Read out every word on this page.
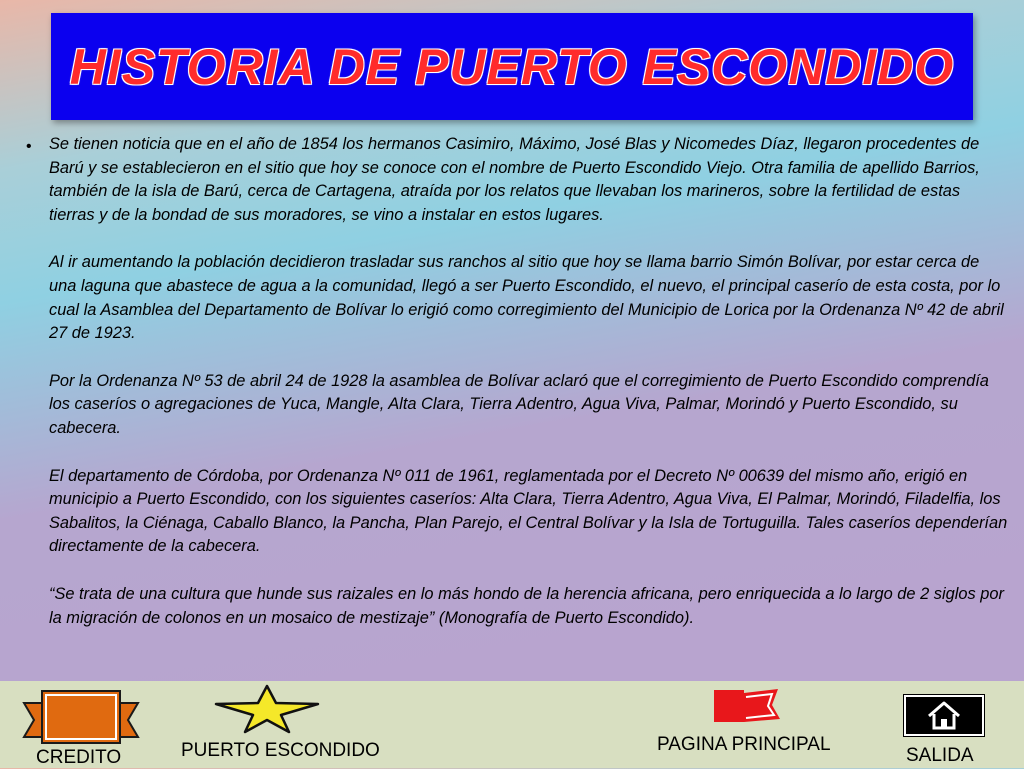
HISTORIA DE PUERTO ESCONDIDO
• Se tienen noticia que en el año de 1854 los hermanos Casimiro, Máximo, José Blas y Nicomedes Díaz, llegaron procedentes de Barú y se establecieron en el sitio que hoy se conoce con el nombre de Puerto Escondido Viejo. Otra familia de apellido Barrios, también de la isla de Barú, cerca de Cartagena, atraída por los relatos que llevaban los marineros, sobre la fertilidad de estas tierras y de la bondad de sus moradores, se vino a instalar en estos lugares.

Al ir aumentando la población decidieron trasladar sus ranchos al sitio que hoy se llama barrio Simón Bolívar, por estar cerca de una laguna que abastece de agua a la comunidad, llegó a ser Puerto Escondido, el nuevo, el principal caserío de esta costa, por lo cual la Asamblea del Departamento de Bolívar lo erigió como corregimiento del Municipio de Lorica por la Ordenanza Nº 42 de abril 27 de 1923.

Por la Ordenanza Nº 53 de abril 24 de 1928 la asamblea de Bolívar aclaró que el corregimiento de Puerto Escondido comprendía los caseríos o agregaciones de Yuca, Mangle, Alta Clara, Tierra Adentro, Agua Viva, Palmar, Morindó y Puerto Escondido, su cabecera.

El departamento de Córdoba, por Ordenanza Nº 011 de 1961, reglamentada por el Decreto Nº 00639 del mismo año, erigió en municipio a Puerto Escondido, con los siguientes caseríos: Alta Clara, Tierra Adentro, Agua Viva, El Palmar, Morindó, Filadelfia, los Sabalitos, la Ciénaga, Caballo Blanco, la Pancha, Plan Parejo, el Central Bolívar y la Isla de Tortuguilla. Tales caseríos dependerían directamente de la cabecera.

“Se trata de una cultura que hunde sus raizales en lo más hondo de la herencia africana, pero enriquecida a lo largo de 2 siglos por la migración de colonos en un mosaico de mestizaje” (Monografía de Puerto Escondido).

CREDITO	PUERTO ESCONDIDO	PAGINA PRINCIPAL
SALIDA
